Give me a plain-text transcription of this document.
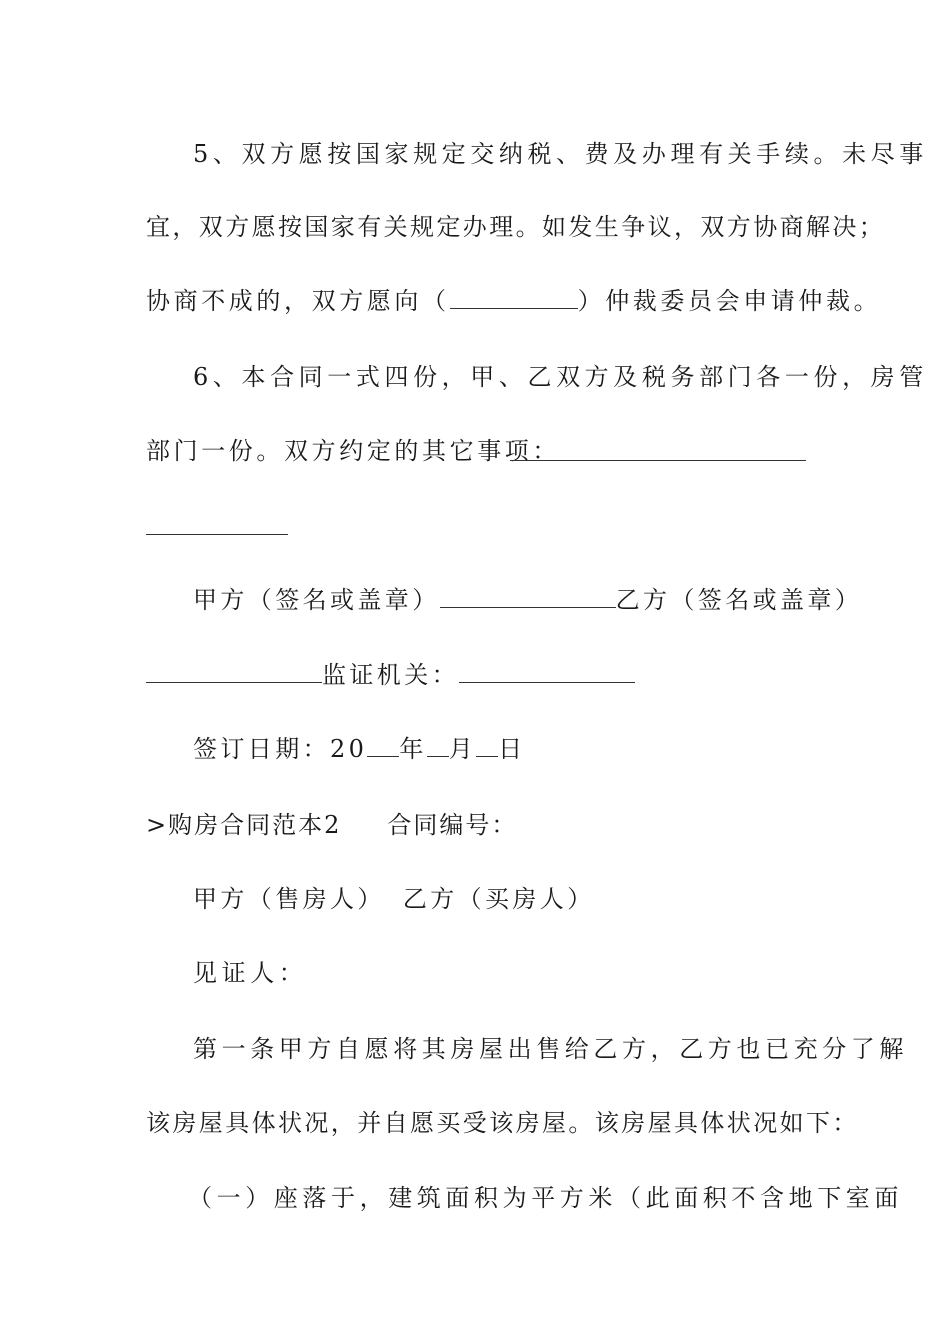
5、双方愿按国家规定交纳税、费及办理有关手续。未尽事
宜，双方愿按国家有关规定办理。如发生争议，双方协商解决；
协商不成的，双方愿向（	）仲裁委员会申请仲裁。
6、本合同一式四份，甲、乙双方及税务部门各一份，房管
部门一份。双方约定的其它事项：
甲方（签名或盖章）	乙方（签名或盖章）
监证机关：
签订日期：20 年 月 日
>购房合同范本2 合同编号：
甲方（售房人） 乙方（买房人）
见证人：
第一条甲方自愿将其房屋出售给乙方，乙方也已充分了解
该房屋具体状况，并自愿买受该房屋。该房屋具体状况如下：
（一）座落于，建筑面积为平方米（此面积不含地下室面
